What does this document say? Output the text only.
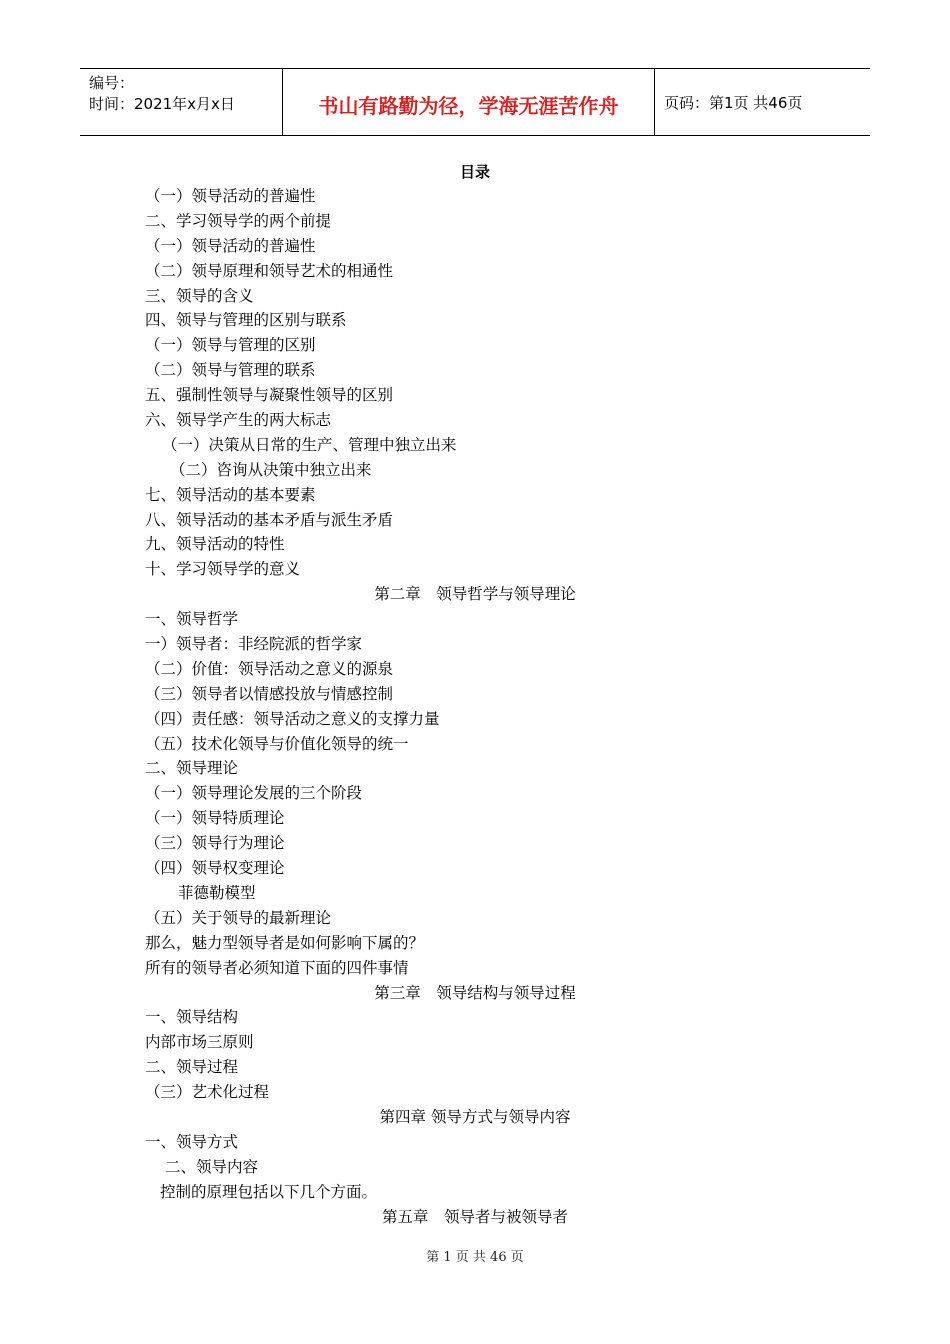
编号：
时间：2021年x月x日	书山有路勤为径，学海无涯苦作舟	页码：第1页 共46页
目录
（一）领导活动的普遍性
二、学习领导学的两个前提
（一）领导活动的普遍性
（二）领导原理和领导艺术的相通性
三、领导的含义
四、领导与管理的区别与联系
（一）领导与管理的区别
（二）领导与管理的联系
五、强制性领导与凝聚性领导的区别
六、领导学产生的两大标志
（一）决策从日常的生产、管理中独立出来
（二）咨询从决策中独立出来
七、领导活动的基本要素
八、领导活动的基本矛盾与派生矛盾
九、领导活动的特性
十、学习领导学的意义
第二章　领导哲学与领导理论
一、领导哲学
一）领导者：非经院派的哲学家
（二）价值：领导活动之意义的源泉
（三）领导者以情感投放与情感控制
（四）责任感：领导活动之意义的支撑力量
（五）技术化领导与价值化领导的统一
二、领导理论
（一）领导理论发展的三个阶段
（一）领导特质理论
（三）领导行为理论
（四）领导权变理论
菲德勒模型
（五）关于领导的最新理论
那么，魅力型领导者是如何影响下属的？
所有的领导者必须知道下面的四件事情
第三章　领导结构与领导过程
一、领导结构
内部市场三原则
二、领导过程
（三）艺术化过程
第四章 领导方式与领导内容
一、领导方式
二、领导内容
控制的原理包括以下几个方面。
第五章　领导者与被领导者
第 1 页 共 46 页
